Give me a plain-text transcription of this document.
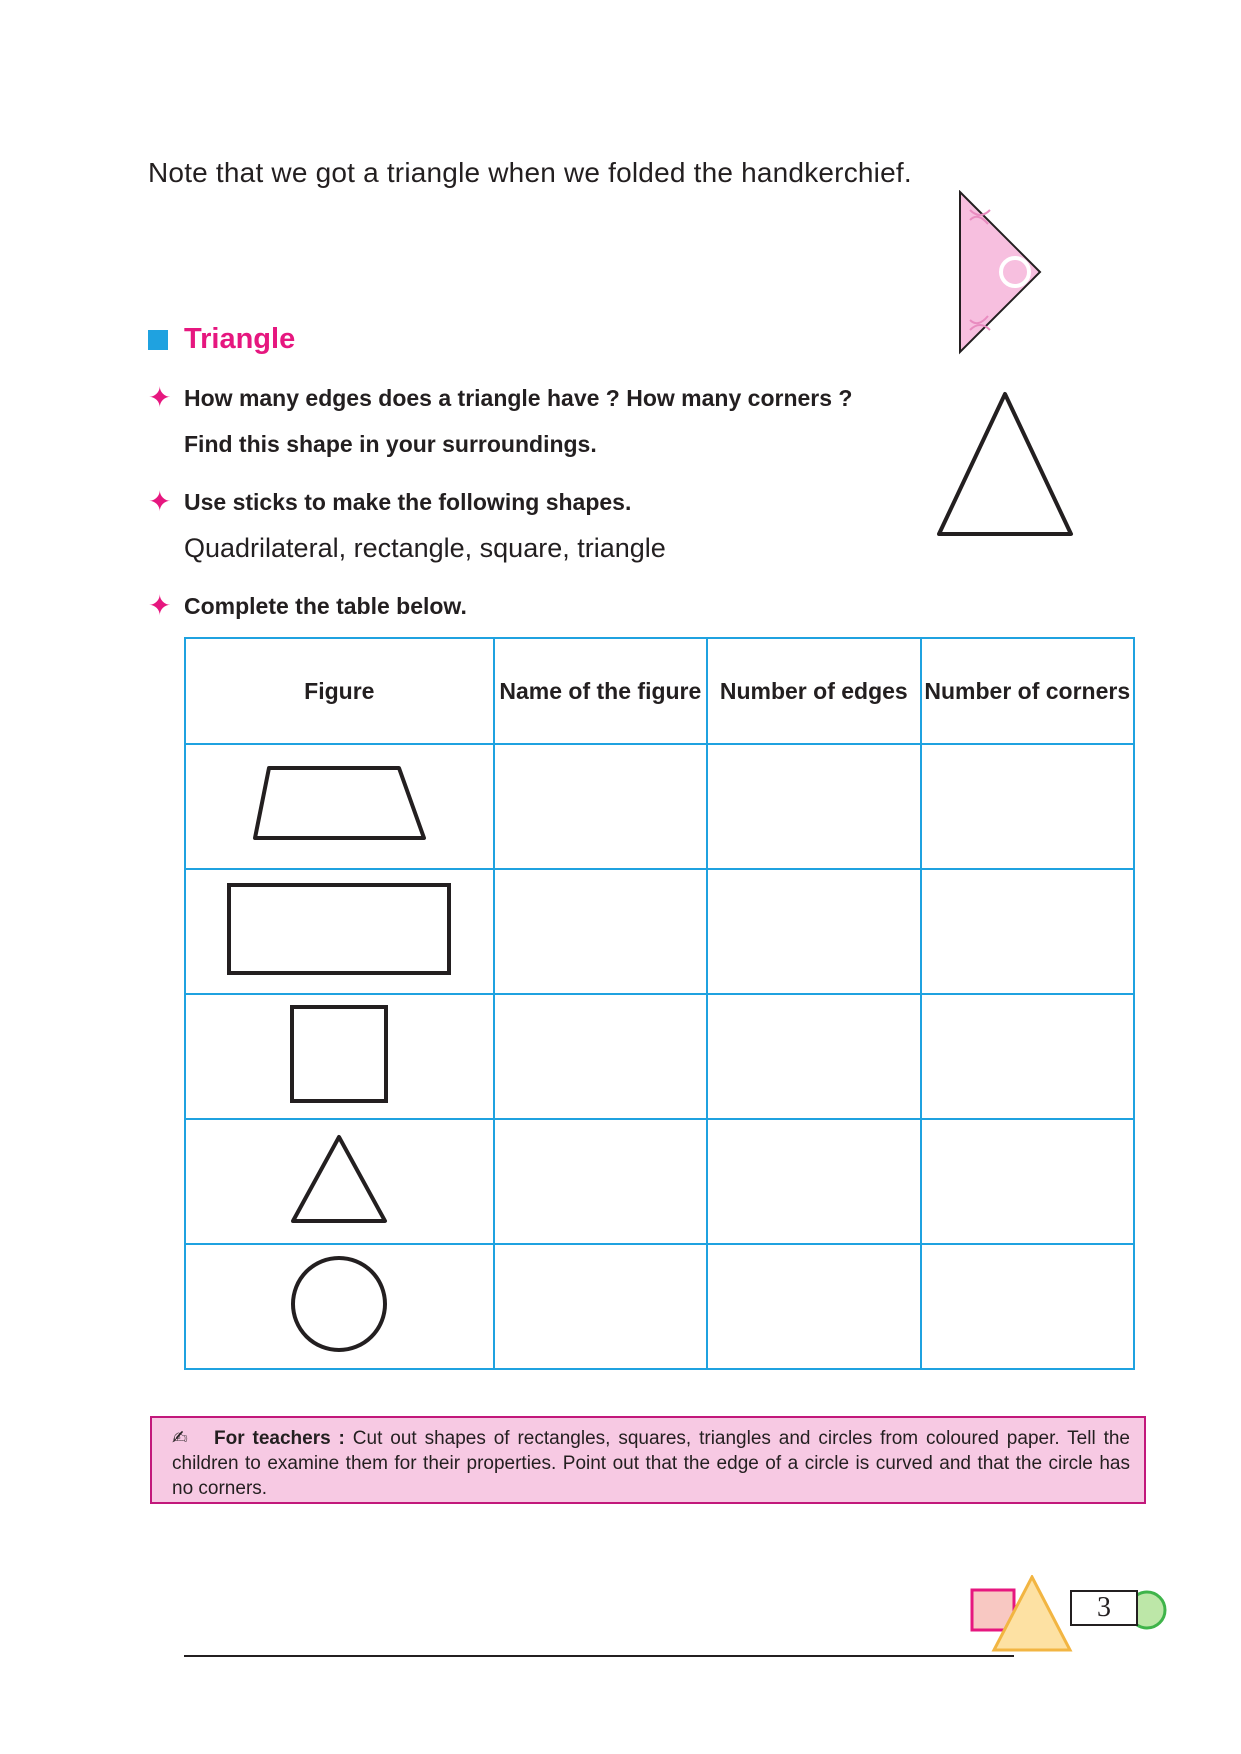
Note that we got a triangle when we folded the handkerchief.
Triangle
✦ How many edges does a triangle have ? How many corners ?
Find this shape in your surroundings.
✦ Use sticks to make the following shapes.
Quadrilateral, rectangle, square, triangle
✦ Complete the table below.
Figure	Name of the figure	Number of edges	Number of corners

✍ For teachers : Cut out shapes of rectangles, squares, triangles and circles from coloured paper. Tell the children to examine them for their properties. Point out that the edge of a circle is curved and that the circle has no corners.
3
